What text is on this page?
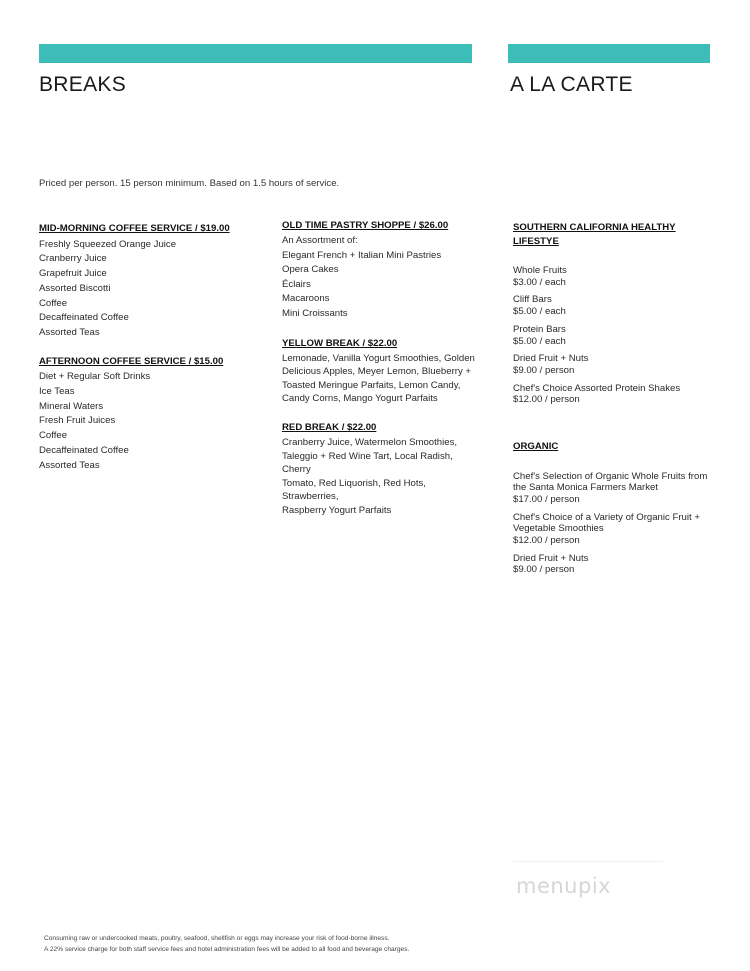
BREAKS	A LA CARTE

Priced per person. 15 person minimum. Based on 1.5 hours of service.

MID-MORNING COFFEE SERVICE / $19.00
Freshly Squeezed Orange Juice
Cranberry Juice
Grapefruit Juice
Assorted Biscotti
Coffee
Decaffeinated Coffee
Assorted Teas
AFTERNOON COFFEE SERVICE / $15.00
Diet + Regular Soft Drinks
Ice Teas
Mineral Waters
Fresh Fruit Juices
Coffee
Decaffeinated Coffee
Assorted Teas
OLD TIME PASTRY SHOPPE / $26.00
An Assortment of:
Elegant French + Italian Mini Pastries
Opera Cakes
Éclairs
Macaroons
Mini Croissants
YELLOW BREAK / $22.00
Lemonade, Vanilla Yogurt Smoothies, Golden
Delicious Apples, Meyer Lemon, Blueberry +
Toasted Meringue Parfaits, Lemon Candy,
Candy Corns, Mango Yogurt Parfaits
RED BREAK / $22.00
Cranberry Juice, Watermelon Smoothies,
Taleggio + Red Wine Tart, Local Radish, Cherry
Tomato, Red Liquorish, Red Hots, Strawberries,
Raspberry Yogurt Parfaits
SOUTHERN CALIFORNIA HEALTHY
LIFESTYE
Whole Fruits
$3.00 / each
Cliff Bars
$5.00 / each
Protein Bars
$5.00 / each
Dried Fruit + Nuts
$9.00 / person
Chef's Choice Assorted Protein Shakes
$12.00 / person
ORGANIC
Chef's Selection of Organic Whole Fruits from
the Santa Monica Farmers Market
$17.00 / person
Chef's Choice of a Variety of Organic Fruit +
Vegetable Smoothies
$12.00 / person
Dried Fruit + Nuts
$9.00 / person
menupix
Consuming raw or undercooked meats, poultry, seafood, shellfish or eggs may increase your risk of food-borne illness.
A 22% service charge for both staff service fees and hotel administration fees will be added to all food and beverage charges.
